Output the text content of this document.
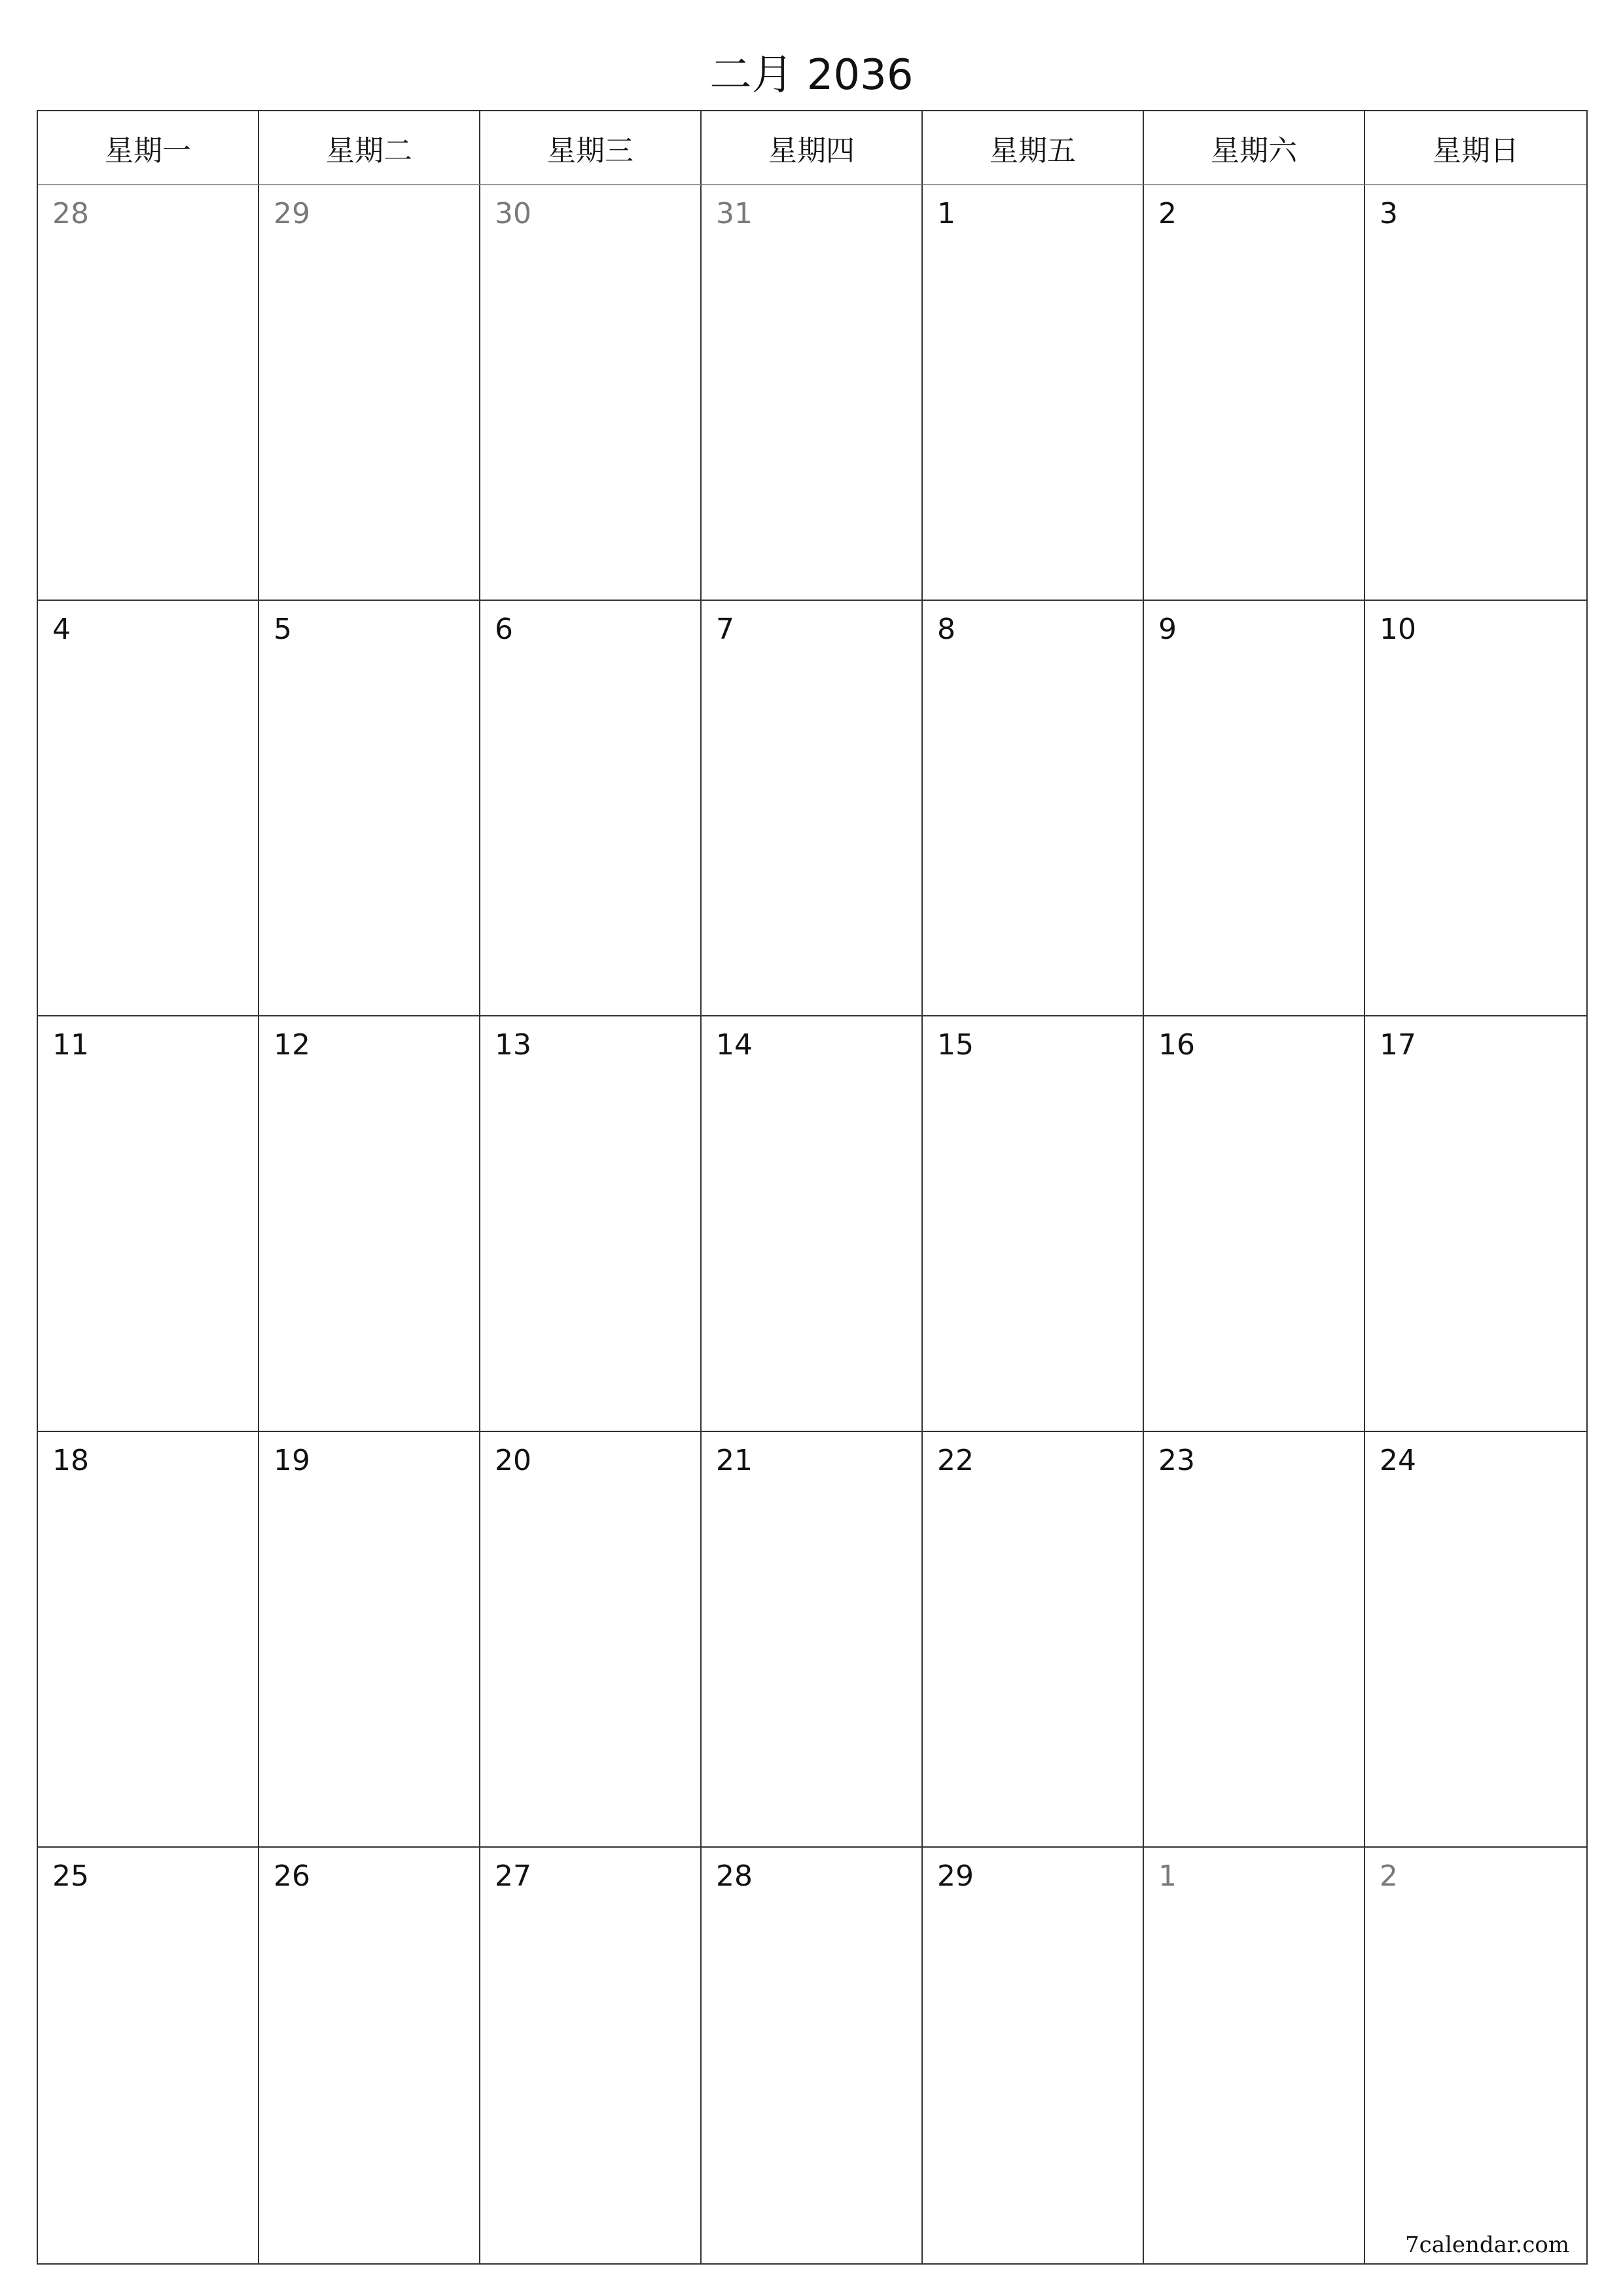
二月 2036
星期一	星期二	星期三	星期四	星期五	星期六	星期日
28	29	30	31	1	2	3
4	5	6	7	8	9	10
11	12	13	14	15	16	17
18	19	20	21	22	23	24
25	26	27	28	29	1	2
7calendar.com
